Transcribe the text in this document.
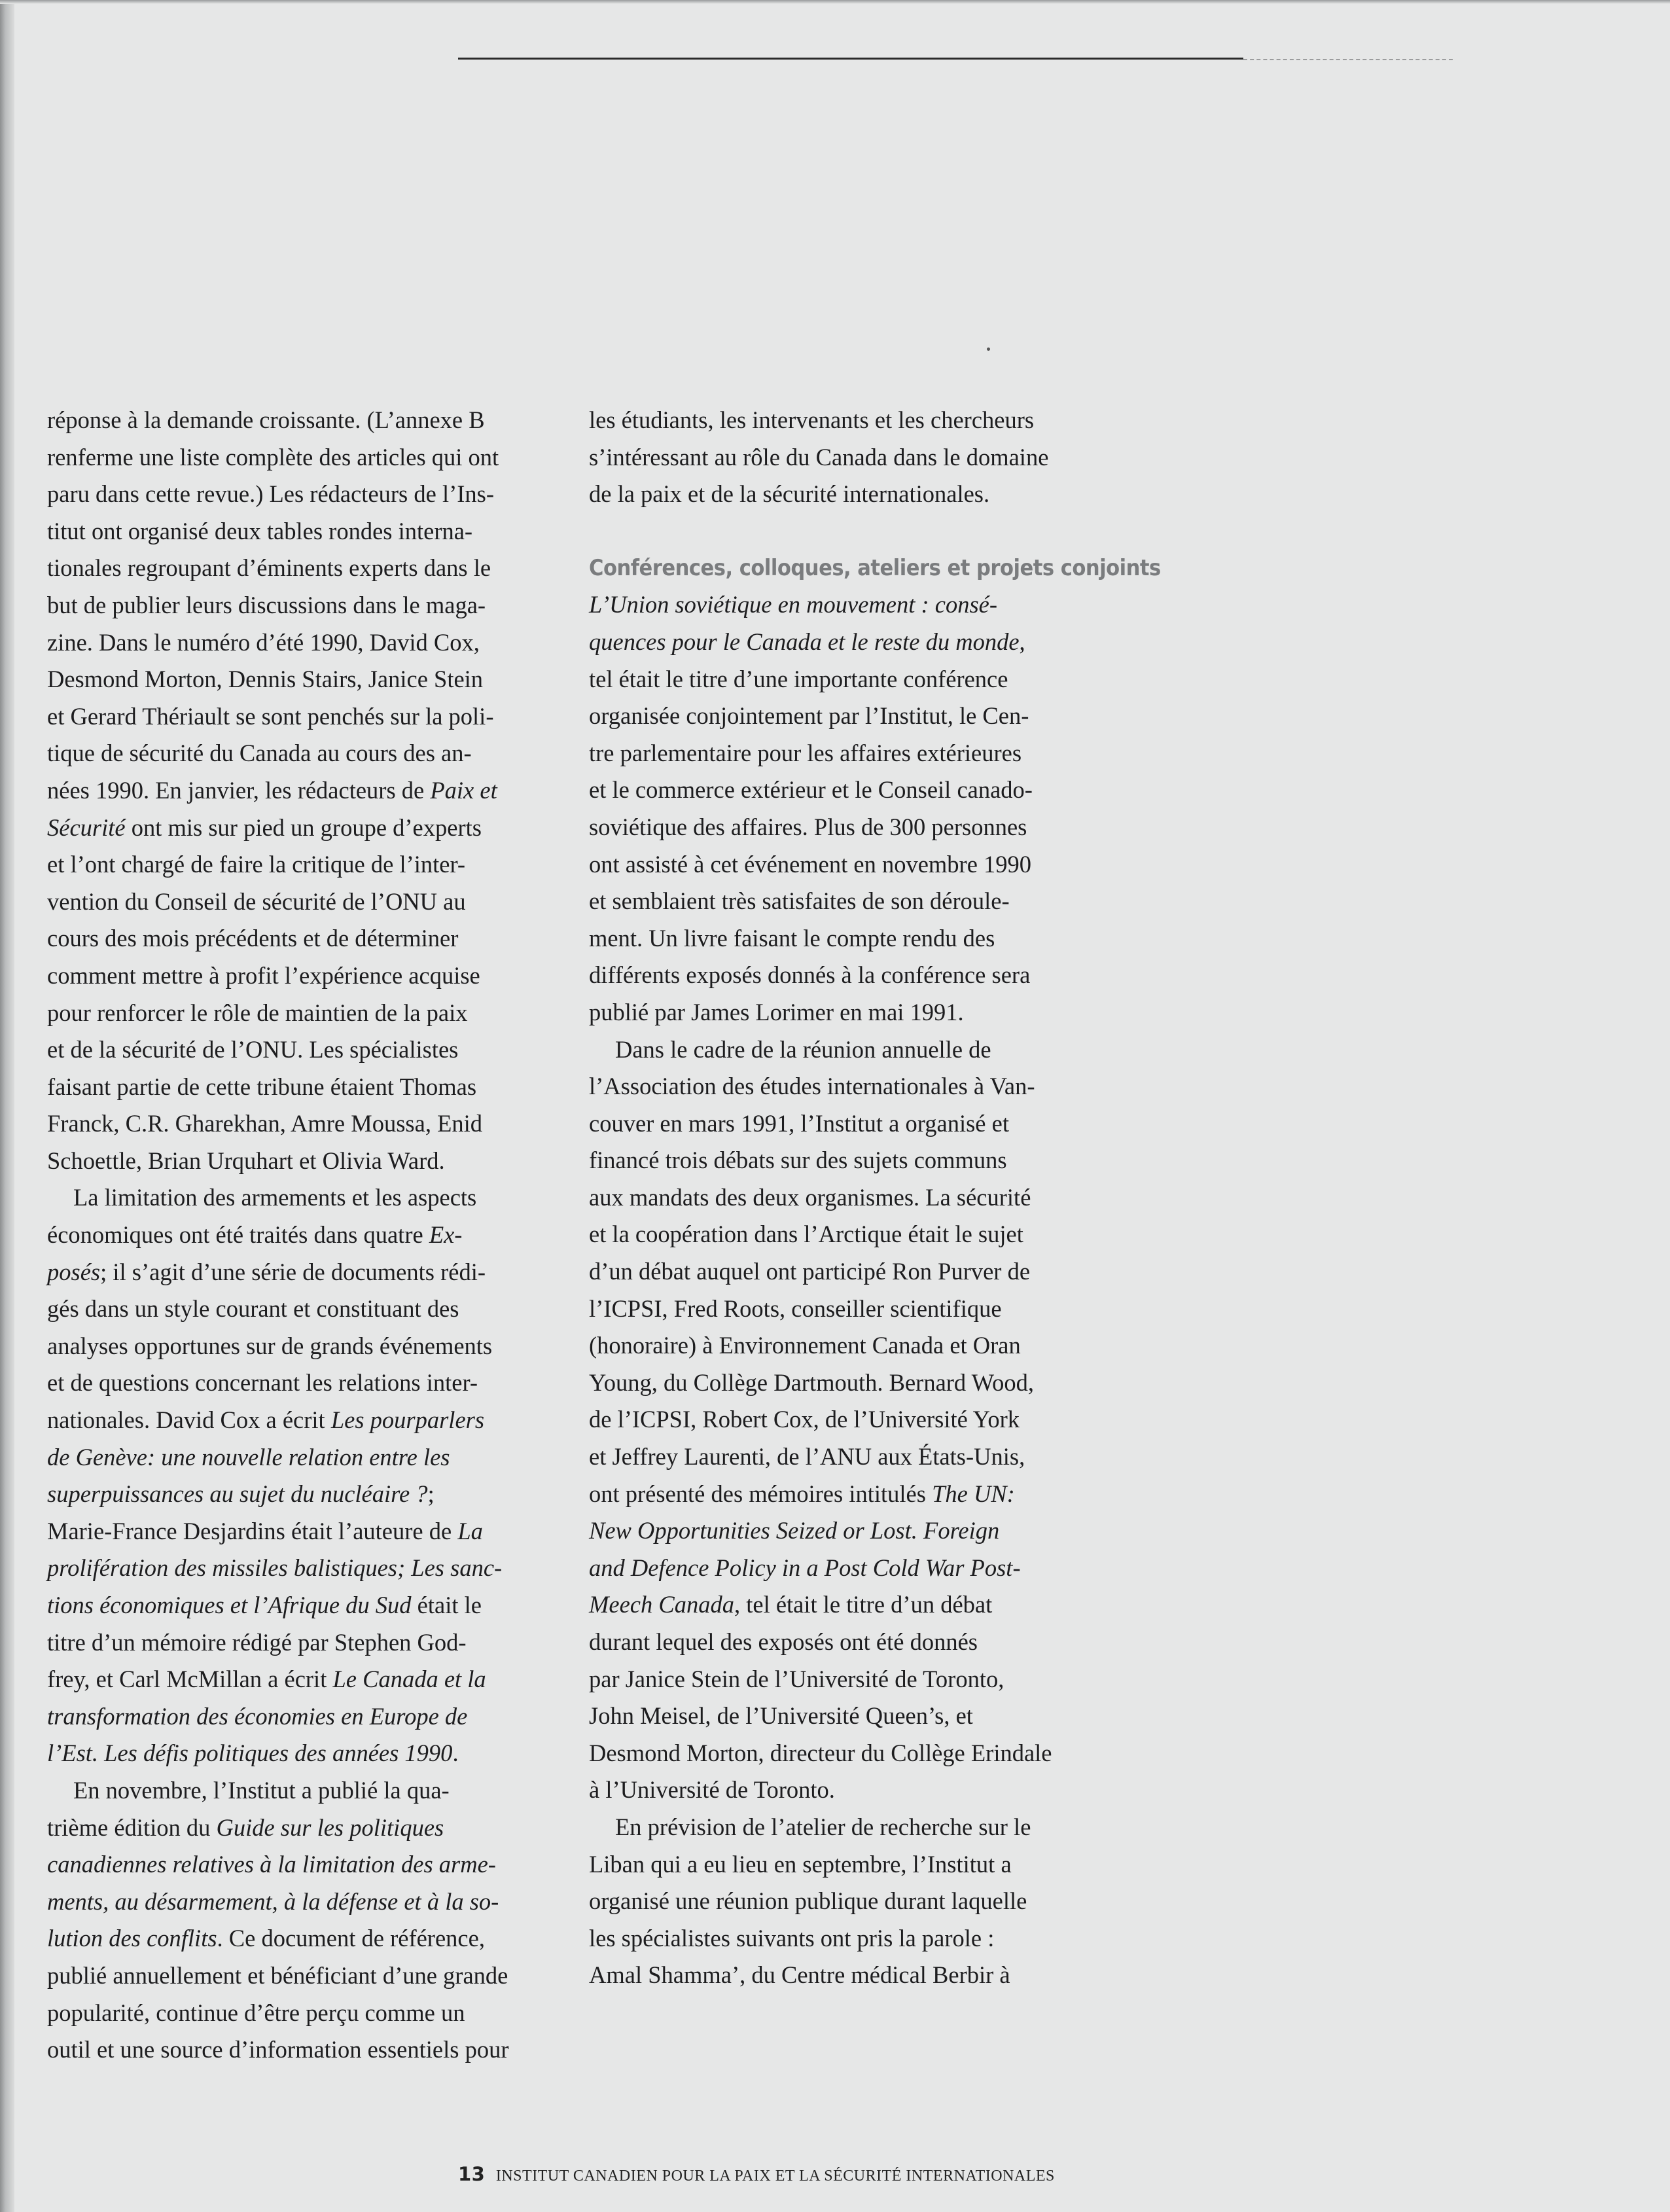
réponse à la demande croissante. (L’annexe B
renferme une liste complète des articles qui ont
paru dans cette revue.) Les rédacteurs de l’Ins-
titut ont organisé deux tables rondes interna-
tionales regroupant d’éminents experts dans le
but de publier leurs discussions dans le maga-
zine. Dans le numéro d’été 1990, David Cox,
Desmond Morton, Dennis Stairs, Janice Stein
et Gerard Thériault se sont penchés sur la poli-
tique de sécurité du Canada au cours des an-
nées 1990. En janvier, les rédacteurs de Paix et
Sécurité ont mis sur pied un groupe d’experts
et l’ont chargé de faire la critique de l’inter-
vention du Conseil de sécurité de l’ONU au
cours des mois précédents et de déterminer
comment mettre à profit l’expérience acquise
pour renforcer le rôle de maintien de la paix
et de la sécurité de l’ONU. Les spécialistes
faisant partie de cette tribune étaient Thomas
Franck, C.R. Gharekhan, Amre Moussa, Enid
Schoettle, Brian Urquhart et Olivia Ward.
La limitation des armements et les aspects
économiques ont été traités dans quatre Ex-
posés; il s’agit d’une série de documents rédi-
gés dans un style courant et constituant des
analyses opportunes sur de grands événements
et de questions concernant les relations inter-
nationales. David Cox a écrit Les pourparlers
de Genève: une nouvelle relation entre les
superpuissances au sujet du nucléaire ?;
Marie-France Desjardins était l’auteure de La
prolifération des missiles balistiques; Les sanc-
tions économiques et l’Afrique du Sud était le
titre d’un mémoire rédigé par Stephen God-
frey, et Carl McMillan a écrit Le Canada et la
transformation des économies en Europe de
l’Est. Les défis politiques des années 1990.
En novembre, l’Institut a publié la qua-
trième édition du Guide sur les politiques
canadiennes relatives à la limitation des arme-
ments, au désarmement, à la défense et à la so-
lution des conflits. Ce document de référence,
publié annuellement et bénéficiant d’une grande
popularité, continue d’être perçu comme un
outil et une source d’information essentiels pour
les étudiants, les intervenants et les chercheurs
s’intéressant au rôle du Canada dans le domaine
de la paix et de la sécurité internationales.
Conférences, colloques, ateliers et projets conjoints
L’Union soviétique en mouvement : consé-
quences pour le Canada et le reste du monde,
tel était le titre d’une importante conférence
organisée conjointement par l’Institut, le Cen-
tre parlementaire pour les affaires extérieures
et le commerce extérieur et le Conseil canado-
soviétique des affaires. Plus de 300 personnes
ont assisté à cet événement en novembre 1990
et semblaient très satisfaites de son déroule-
ment. Un livre faisant le compte rendu des
différents exposés donnés à la conférence sera
publié par James Lorimer en mai 1991.
Dans le cadre de la réunion annuelle de
l’Association des études internationales à Van-
couver en mars 1991, l’Institut a organisé et
financé trois débats sur des sujets communs
aux mandats des deux organismes. La sécurité
et la coopération dans l’Arctique était le sujet
d’un débat auquel ont participé Ron Purver de
l’ICPSI, Fred Roots, conseiller scientifique
(honoraire) à Environnement Canada et Oran
Young, du Collège Dartmouth. Bernard Wood,
de l’ICPSI, Robert Cox, de l’Université York
et Jeffrey Laurenti, de l’ANU aux États-Unis,
ont présenté des mémoires intitulés The UN:
New Opportunities Seized or Lost. Foreign
and Defence Policy in a Post Cold War Post-
Meech Canada, tel était le titre d’un débat
durant lequel des exposés ont été donnés
par Janice Stein de l’Université de Toronto,
John Meisel, de l’Université Queen’s, et
Desmond Morton, directeur du Collège Erindale
à l’Université de Toronto.
En prévision de l’atelier de recherche sur le
Liban qui a eu lieu en septembre, l’Institut a
organisé une réunion publique durant laquelle
les spécialistes suivants ont pris la parole :
Amal Shamma’, du Centre médical Berbir à
13 INSTITUT CANADIEN POUR LA PAIX ET LA SÉCURITÉ INTERNATIONALES
